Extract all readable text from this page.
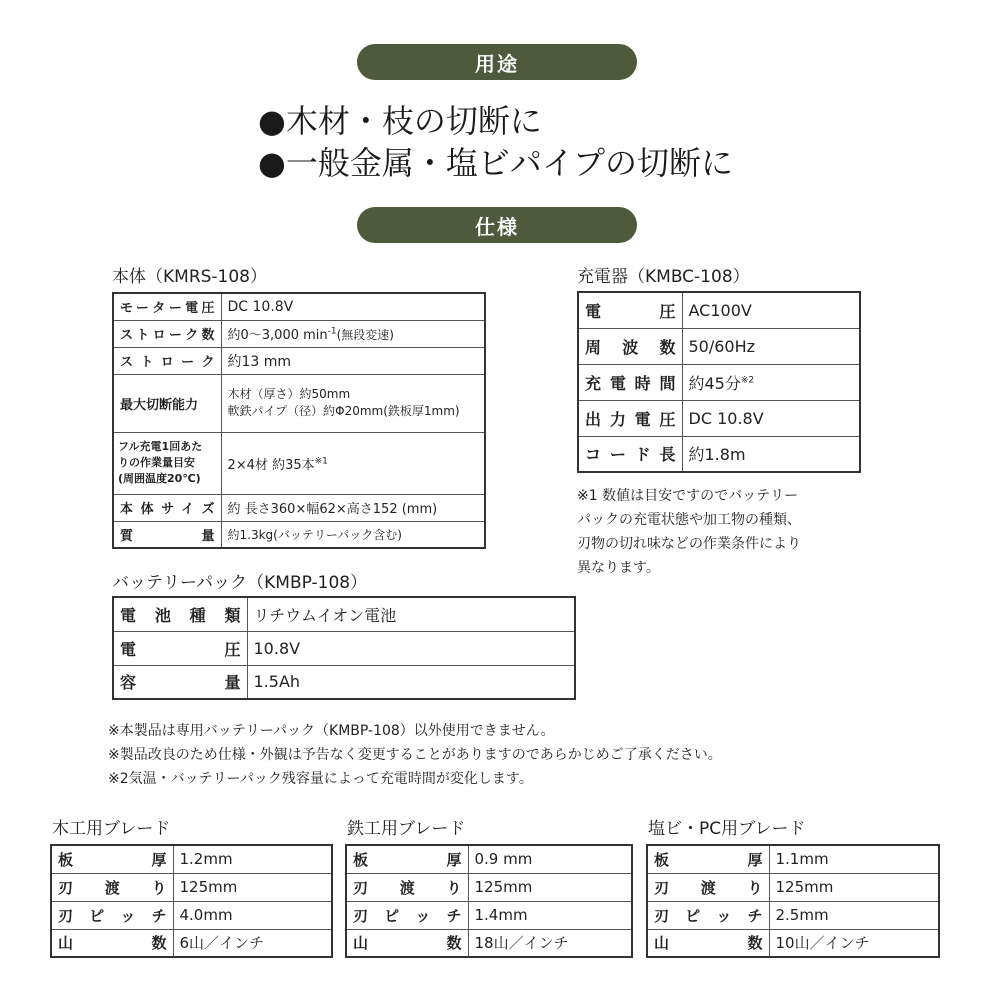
用途
●木材・枝の切断に
●一般金属・塩ビパイプの切断に
仕様
本体（KMRS-108）
モーター電圧	DC 10.8V
ストローク数	約0〜3,000 $\min^{-1}$(無段変速)
ストローク	約13 mm
最大切断能力	木材（厚さ）約50mm
軟鉄パイプ（径）約Φ20mm(鉄板厚1mm)

フル充電1回あた
りの作業量目安
(周囲温度20℃)	2×4材 約35本$^{※1}$
本体サイズ	約 長さ360×幅62×高さ152 (mm)
質　　　量	約1.3kg(バッテリーパック含む)
充電器（KMBC-108）
電　　圧	AC100V
周 波 数	50/60Hz
充電時間	約45分$^{※2}$
出力電圧	DC 10.8V
コード長	約1.8m
※1 数値は目安ですのでバッテリー
パックの充電状態や加工物の種類、
刃物の切れ味などの作業条件により
異なります。
バッテリーパック（KMBP-108）
電 池 種 類	リチウムイオン電池
電　　　圧	10.8V
容　　　量	1.5Ah
※本製品は専用バッテリーパック（KMBP-108）以外使用できません。
※製品改良のため仕様・外観は予告なく変更することがありますのであらかじめご了承ください。
※2気温・バッテリーパック残容量によって充電時間が変化します。
木工用ブレード
板　　厚	1.2mm
刃　渡　り	125mm
刃 ピ ッ チ	4.0mm
山　　数	6山／インチ
鉄工用ブレード
板　　厚	0.9 mm
刃　渡　り	125mm
刃 ピ ッ チ	1.4mm
山　　数	18山／インチ
塩ビ・PC用ブレード
板　　厚	1.1mm
刃　渡　り	125mm
刃 ピ ッ チ	2.5mm
山　　数	10山／インチ
